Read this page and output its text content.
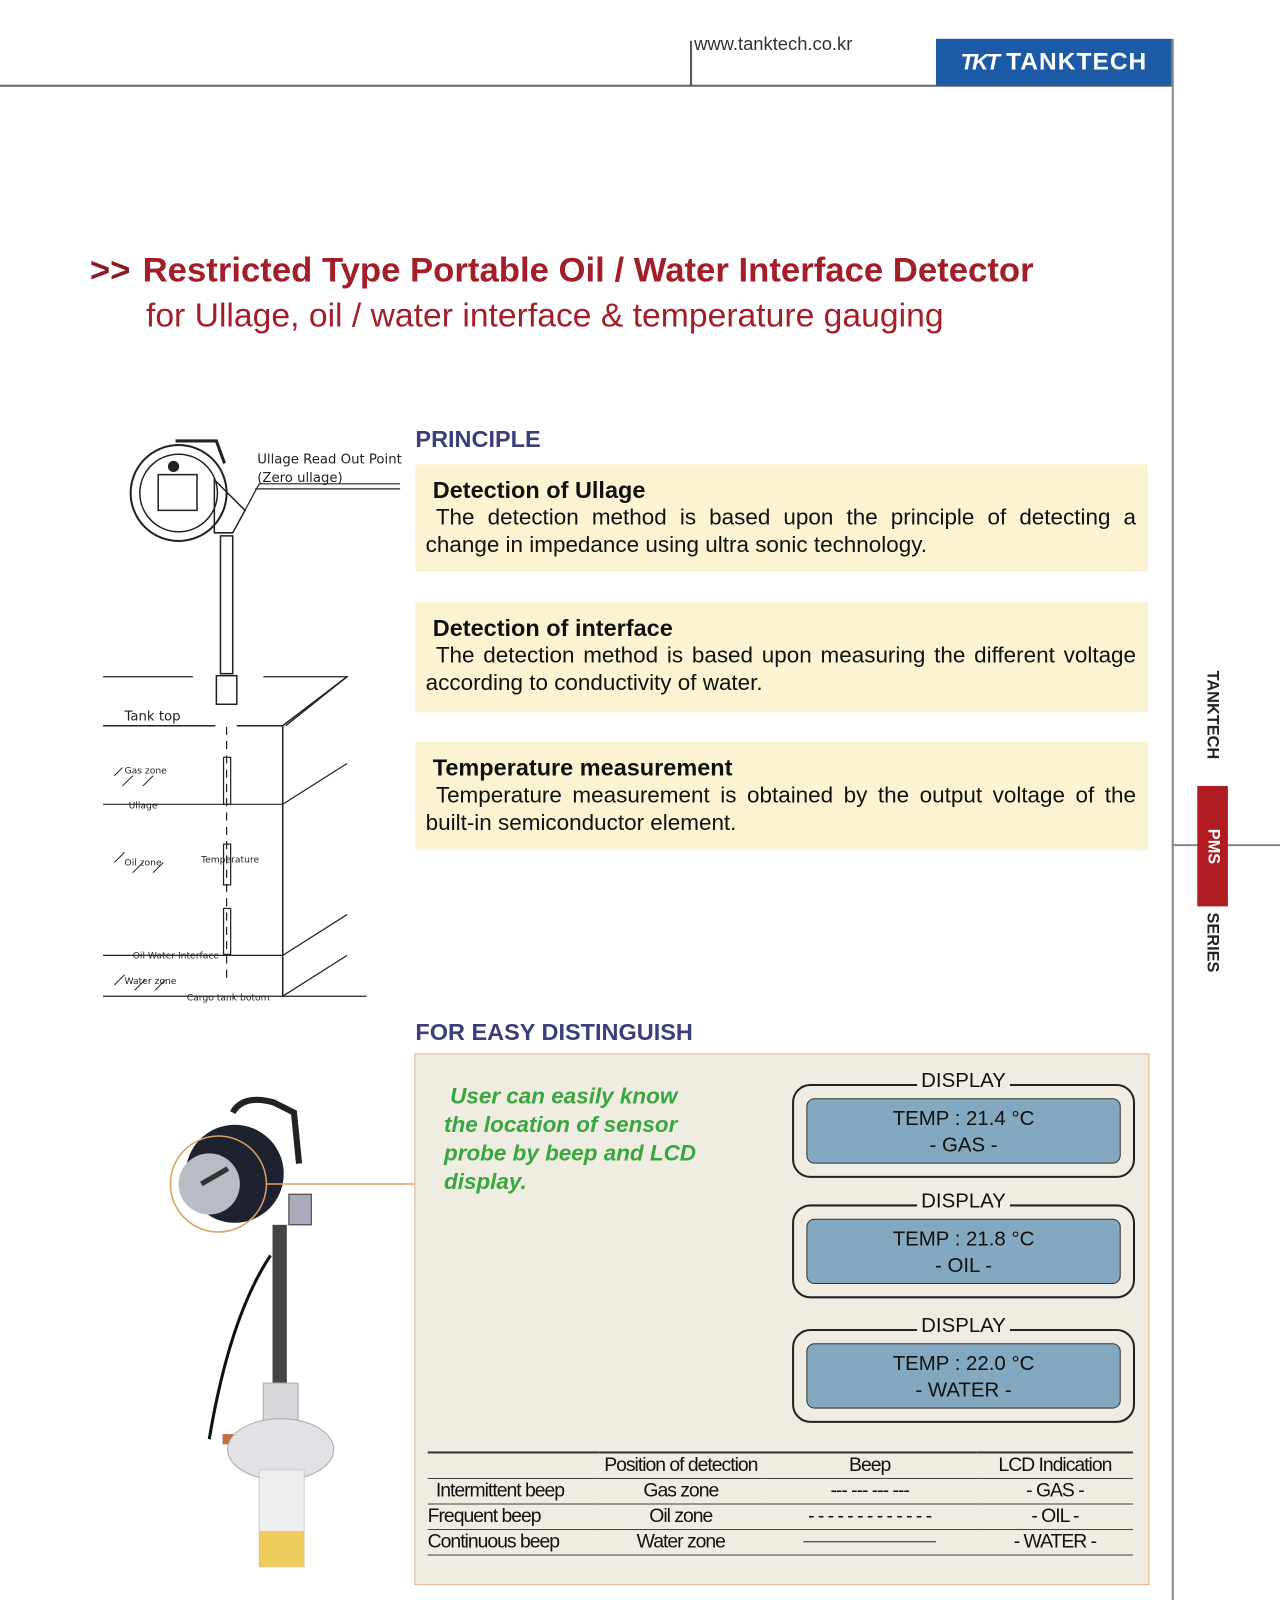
www.tanktech.co.kr
TKT TANKTECH
TANKTECH
PMS
SERIES
>> Restricted Type Portable Oil / Water Interface Detector
for Ullage, oil / water interface & temperature gauging
Ullage Read Out Point
(Zero ullage)
Tank top
Gas zone
Ullage
Oil zone	Temperature
Oil Water Interface
Water zone
Cargo tank botom
PRINCIPLE
Detection of Ullage

The detection method is based upon the principle of detecting a change in impedance using ultra sonic technology.

Detection of interface

The detection method is based upon measuring the different voltage according to conductivity of water.

Temperature measurement

Temperature measurement is obtained by the output voltage of the built-in semiconductor element.

FOR EASY DISTINGUISH
User can easily know
the location of sensor
probe by beep and LCD
display.
DISPLAY
TEMP : 21.4 °C
- GAS -
DISPLAY
TEMP : 21.8 °C
- OIL -
DISPLAY
TEMP : 22.0 °C
- WATER -
	Position of detection	Beep	LCD Indication
Intermittent beep	Gas zone	--- --- --- ---	- GAS -
Frequent beep	Oil zone	- - - - - - - - - - - - -	- OIL -
Continuous beep	Water zone		- WATER -
